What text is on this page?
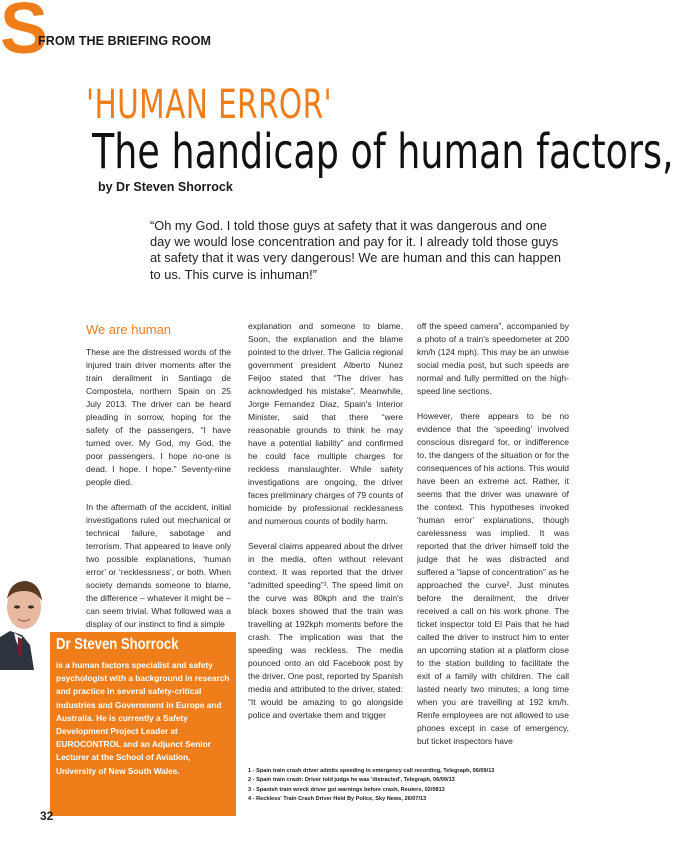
S
FROM THE BRIEFING ROOM
'HUMAN ERROR'
The handicap of human factors,
by Dr Steven Shorrock

“Oh my God. I told those guys at safety that it was dangerous and one day we would lose concentration and pay for it. I already told those guys at safety that it was very dangerous! We are human and this can happen to us. This curve is inhuman!”

We are human

These are the distressed words of the injured train driver moments after the train derailment in Santiago de Compostela, northern Spain on 25 July 2013. The driver can be heard pleading in sorrow, hoping for the safety of the passengers, “I have turned over. My God, my God, the poor passengers. I hope no-one is dead. I hope. I hope.” Seventy-nine people died.

In the aftermath of the accident, initial investigations ruled out mechanical or technical failure, sabotage and terrorism. That appeared to leave only two possible explanations, ‘human error’ or ‘recklessness’, or both. When society demands someone to blame, the difference – whatever it might be – can seem trivial. What followed was a display of our instinct to find a simple

explanation and someone to blame. Soon, the explanation and the blame pointed to the driver. The Galicia regional government president Alberto Nunez Feijoo stated that “The driver has acknowledged his mistake”. Meanwhile, Jorge Fernandez Diaz, Spain's Interior Minister, said that there “were reasonable grounds to think he may have a potential liability” and confirmed he could face multiple charges for reckless manslaughter. While safety investigations are ongoing, the driver faces preliminary charges of 79 counts of homicide by professional recklessness and numerous counts of bodily harm.

Several claims appeared about the driver in the media, often without relevant context. It was reported that the driver “admitted speeding”¹. The speed limit on the curve was 80kph and the train's black boxes showed that the train was travelling at 192kph moments before the crash. The implication was that the speeding was reckless. The media pounced onto an old Facebook post by the driver. One post, reported by Spanish media and attributed to the driver, stated: “It would be amazing to go alongside police and overtake them and trigger

off the speed camera”, accompanied by a photo of a train's speedometer at 200 km/h (124 mph). This may be an unwise social media post, but such speeds are normal and fully permitted on the high-speed line sections.

However, there appears to be no evidence that the ‘speeding’ involved conscious disregard for, or indifference to, the dangers of the situation or for the consequences of his actions. This would have been an extreme act. Rather, it seems that the driver was unaware of the context. This hypotheses invoked ‘human error’ explanations, though carelessness was implied. It was reported that the driver himself told the judge that he was distracted and suffered a “lapse of concentration” as he approached the curve². Just minutes before the derailment, the driver received a call on his work phone. The ticket inspector told El Pais that he had called the driver to instruct him to enter an upcoming station at a platform close to the station building to facilitate the exit of a family with children. The call lasted nearly two minutes; a long time when you are travelling at 192 km/h. Renfe employees are not allowed to use phones except in case of emergency, but ticket inspectors have

Dr Steven Shorrock
is a human factors specialist and safety psychologist with a background in research and practice in several safety-critical industries and Government in Europe and Australia. He is currently a Safety Development Project Leader at EUROCONTROL and an Adjunct Senior Lecturer at the School of Aviation, University of New South Wales.	1 - Spain train crash driver admits speeding in emergency call recording, Telegraph, 06/09/13
2 - Spain train crash: Driver told judge he was 'distracted', Telegraph, 06/09/13
3 - Spanish train wreck driver got warnings before crash, Reuters, 02/0813
4 - Reckless' Train Crash Driver Held By Police, Sky News, 26/07/13
32
